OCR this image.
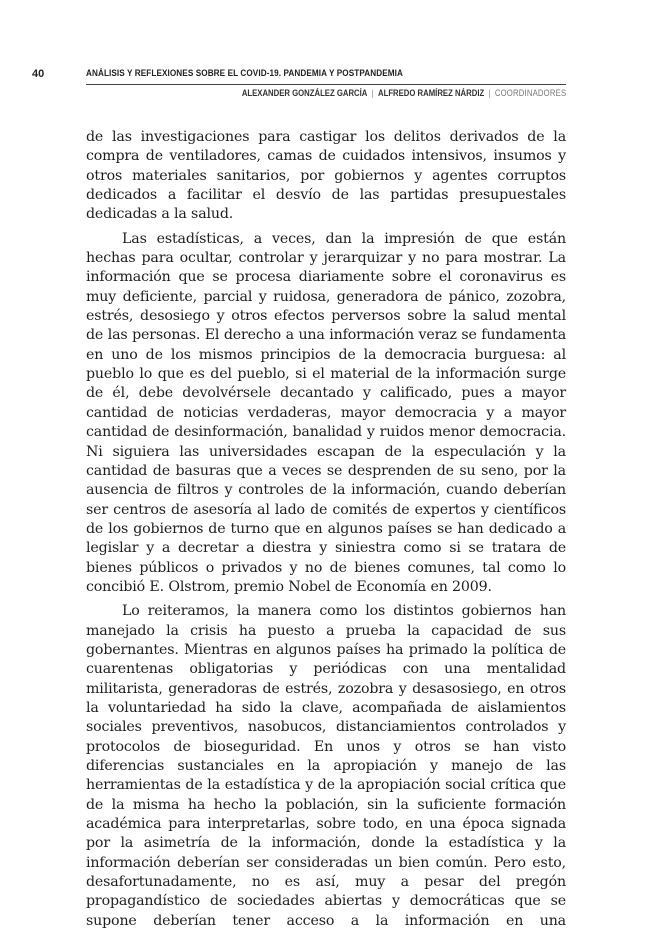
40	ANÁLISIS Y REFLEXIONES SOBRE EL COVID-19. PANDEMIA Y POSTPANDEMIA
ALEXANDER GONZÁLEZ GARCÍA | ALFREDO RAMÍREZ NÁRDIZ | COORDINADORES

de las investigaciones para castigar los delitos derivados de la compra de ventiladores, camas de cuidados intensivos, insumos y otros materiales sanitarios, por gobiernos y agentes corruptos dedicados a facilitar el desvío de las partidas presupuestales dedicadas a la salud.

Las estadísticas, a veces, dan la impresión de que están hechas para ocultar, controlar y jerarquizar y no para mostrar. La información que se procesa diariamente sobre el coronavirus es muy deficiente, parcial y ruidosa, generadora de pánico, zozobra, estrés, desosiego y otros efectos perversos sobre la salud mental de las personas. El derecho a una información veraz se fundamenta en uno de los mismos principios de la democracia burguesa: al pueblo lo que es del pueblo, si el material de la información surge de él, debe devolvérsele decantado y calificado, pues a mayor cantidad de noticias verdaderas, mayor democracia y a mayor cantidad de desinformación, banalidad y ruidos menor democracia. Ni siguiera las universidades escapan de la especulación y la cantidad de basuras que a veces se desprenden de su seno, por la ausencia de filtros y controles de la información, cuando deberían ser centros de asesoría al lado de comités de expertos y científicos de los gobiernos de turno que en algunos países se han dedicado a legislar y a decretar a diestra y siniestra como si se tratara de bienes públicos o privados y no de bienes comunes, tal como lo concibió E. Olstrom, premio Nobel de Economía en 2009.

Lo reiteramos, la manera como los distintos gobiernos han manejado la crisis ha puesto a prueba la capacidad de sus gobernantes. Mientras en algunos países ha primado la política de cuarentenas obligatorias y periódicas con una mentalidad militarista, generadoras de estrés, zozobra y desasosiego, en otros la voluntariedad ha sido la clave, acompañada de aislamientos sociales preventivos, nasobucos, distanciamientos controlados y protocolos de bioseguridad. En unos y otros se han visto diferencias sustanciales en la apropiación y manejo de las herramientas de la estadística y de la apropiación social crítica que de la misma ha hecho la población, sin la suficiente formación académica para interpretarlas, sobre todo, en una época signada por la asimetría de la información, donde la estadística y la información deberían ser consideradas un bien común. Pero esto, desafortunadamente, no es así, muy a pesar del pregón propagandístico de sociedades abiertas y democráticas que se supone deberían tener acceso a la información en una
